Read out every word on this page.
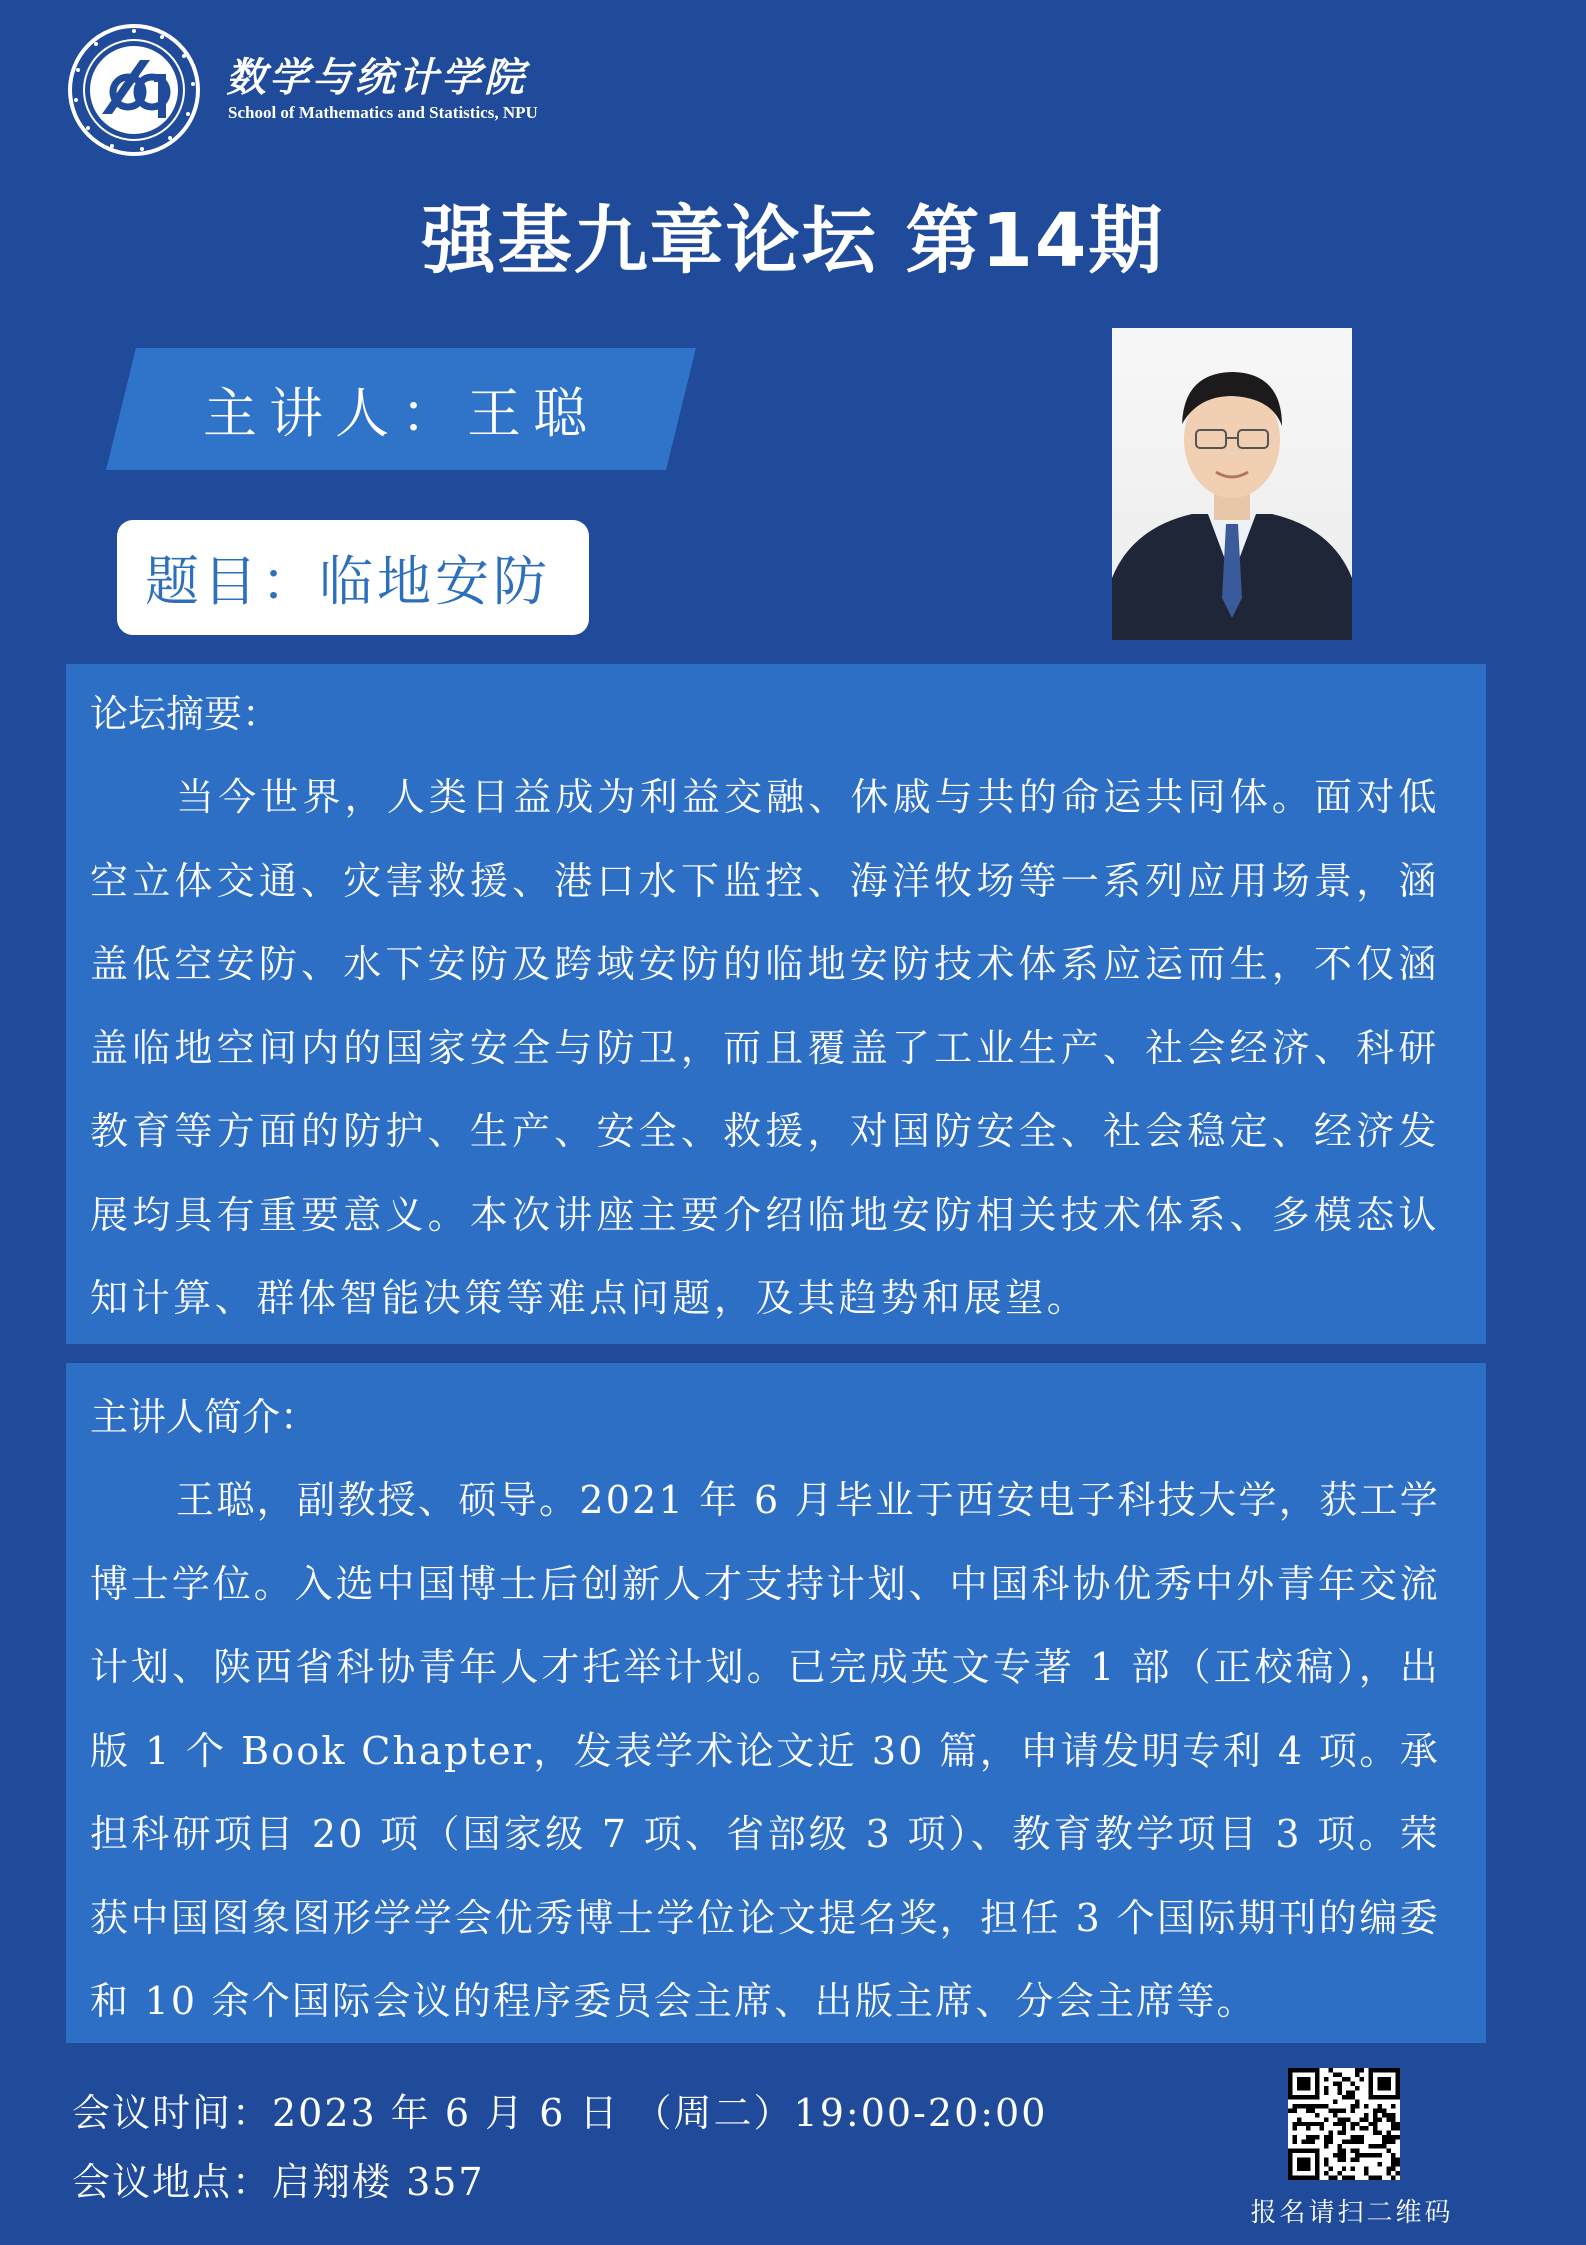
数学与统计学院
School of Mathematics and Statistics, NPU
强基九章论坛 第14期
主讲人：王聪
题目：临地安防
论坛摘要：
当今世界，人类日益成为利益交融、休戚与共的命运共同体。面对低空立体交通、灾害救援、港口水下监控、海洋牧场等一系列应用场景，涵盖低空安防、水下安防及跨域安防的临地安防技术体系应运而生，不仅涵盖临地空间内的国家安全与防卫，而且覆盖了工业生产、社会经济、科研教育等方面的防护、生产、安全、救援，对国防安全、社会稳定、经济发展均具有重要意义。本次讲座主要介绍临地安防相关技术体系、多模态认知计算、群体智能决策等难点问题，及其趋势和展望。
主讲人简介：
王聪，副教授、硕导。2021 年 6 月毕业于西安电子科技大学，获工学博士学位。入选中国博士后创新人才支持计划、中国科协优秀中外青年交流计划、陕西省科协青年人才托举计划。已完成英文专著 1 部（正校稿），出版 1 个 Book Chapter，发表学术论文近 30 篇，申请发明专利 4 项。承担科研项目 20 项（国家级 7 项、省部级 3 项）、教育教学项目 3 项。荣获中国图象图形学学会优秀博士学位论文提名奖，担任 3 个国际期刊的编委和 10 余个国际会议的程序委员会主席、出版主席、分会主席等。
会议时间：2023 年 6 月 6 日 （周二）19:00-20:00
会议地点：启翔楼 357
报名请扫二维码
